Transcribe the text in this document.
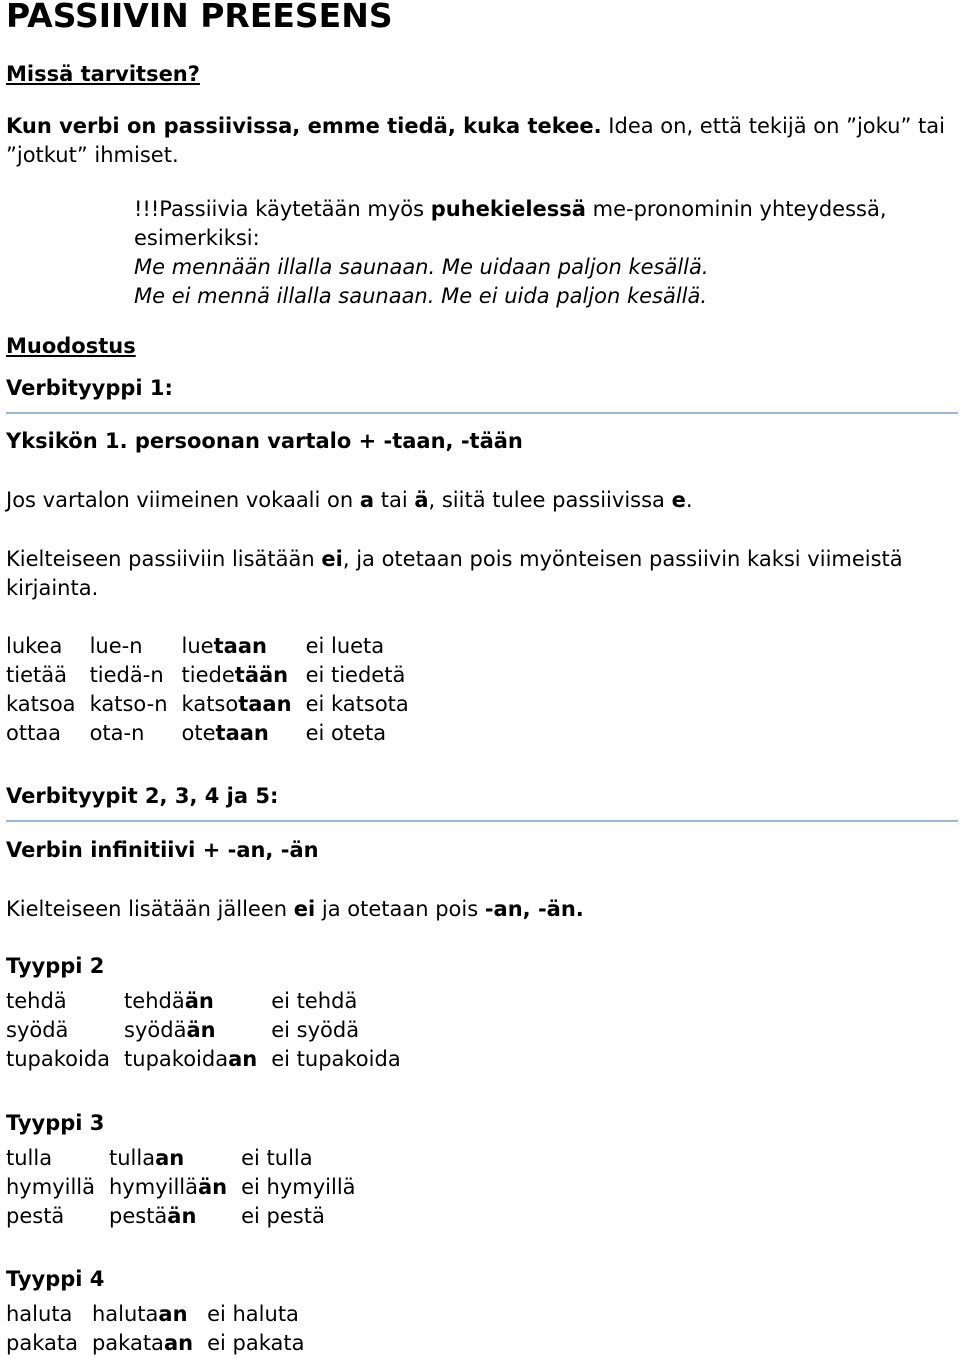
PASSIIVIN PREESENS
Missä tarvitsen?
Kun verbi on passiivissa, emme tiedä, kuka tekee. Idea on, että tekijä on ”joku” tai
”jotkut” ihmiset.
!!!Passiivia käytetään myös puhekielessä me-pronominin yhteydessä,
esimerkiksi:
Me mennään illalla saunaan. Me uidaan paljon kesällä.
Me ei mennä illalla saunaan. Me ei uida paljon kesällä.
Muodostus
Verbityyppi 1:
Yksikön 1. persoonan vartalo + -taan, -tään
Jos vartalon viimeinen vokaali on a tai ä, siitä tulee passiivissa e.
Kielteiseen passiiviin lisätään ei, ja otetaan pois myönteisen passiivin kaksi viimeistä
kirjainta.
lukea	lue-n	luetaan	ei lueta
tietää	tiedä-n	tiedetään	ei tiedetä
katsoa	katso-n	katsotaan	ei katsota
ottaa	ota-n	otetaan	ei oteta
Verbityypit 2, 3, 4 ja 5:
Verbin infinitiivi + -an, -än
Kielteiseen lisätään jälleen ei ja otetaan pois -an, -än.
Tyyppi 2
tehdä	tehdään	ei tehdä
syödä	syödään	ei syödä
tupakoida	tupakoidaan	ei tupakoida
Tyyppi 3
tulla	tullaan	ei tulla
hymyillä	hymyillään	ei hymyillä
pestä	pestään	ei pestä
Tyyppi 4
haluta	halutaan	ei haluta
pakata	pakataan	ei pakata
